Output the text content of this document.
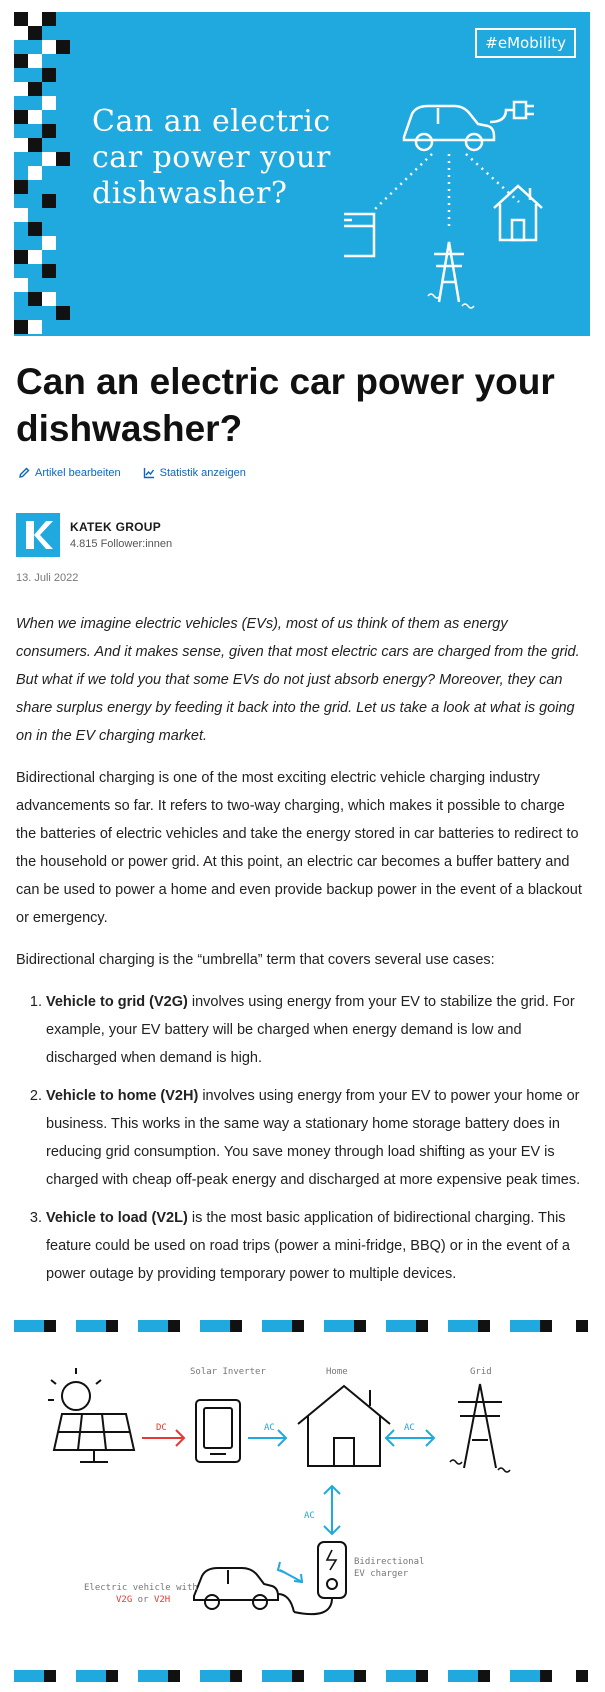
#eMobility
Can an electric car power your dishwasher?
Can an electric car power your dishwasher?
Artikel bearbeiten	Statistik anzeigen
KATEK GROUP
4.815 Follower:innen
13. Juli 2022

When we imagine electric vehicles (EVs), most of us think of them as energy consumers. And it makes sense, given that most electric cars are charged from the grid. But what if we told you that some EVs do not just absorb energy? Moreover, they can share surplus energy by feeding it back into the grid. Let us take a look at what is going on in the EV charging market.

Bidirectional charging is one of the most exciting electric vehicle charging industry advancements so far. It refers to two-way charging, which makes it possible to charge the batteries of electric vehicles and take the energy stored in car batteries to redirect to the household or power grid. At this point, an electric car becomes a buffer battery and can be used to power a home and even provide backup power in the event of a blackout or emergency.

Bidirectional charging is the “umbrella” term that covers several use cases:

1. Vehicle to grid (V2G) involves using energy from your EV to stabilize the grid. For example, your EV battery will be charged when energy demand is low and discharged when demand is high.
2. Vehicle to home (V2H) involves using energy from your EV to power your home or business. This works in the same way a stationary home storage battery does in reducing grid consumption. You save money through load shifting as your EV is charged with cheap off-peak energy and discharged at more expensive peak times.
3. Vehicle to load (V2L) is the most basic application of bidirectional charging. This feature could be used on road trips (power a mini-fridge, BBQ) or in the event of a power outage by providing temporary power to multiple devices.
DC
Solar Inverter
AC
Home
AC
Grid
AC
Bidirectional
EV charger
Electric vehicle with
V2G or V2H
